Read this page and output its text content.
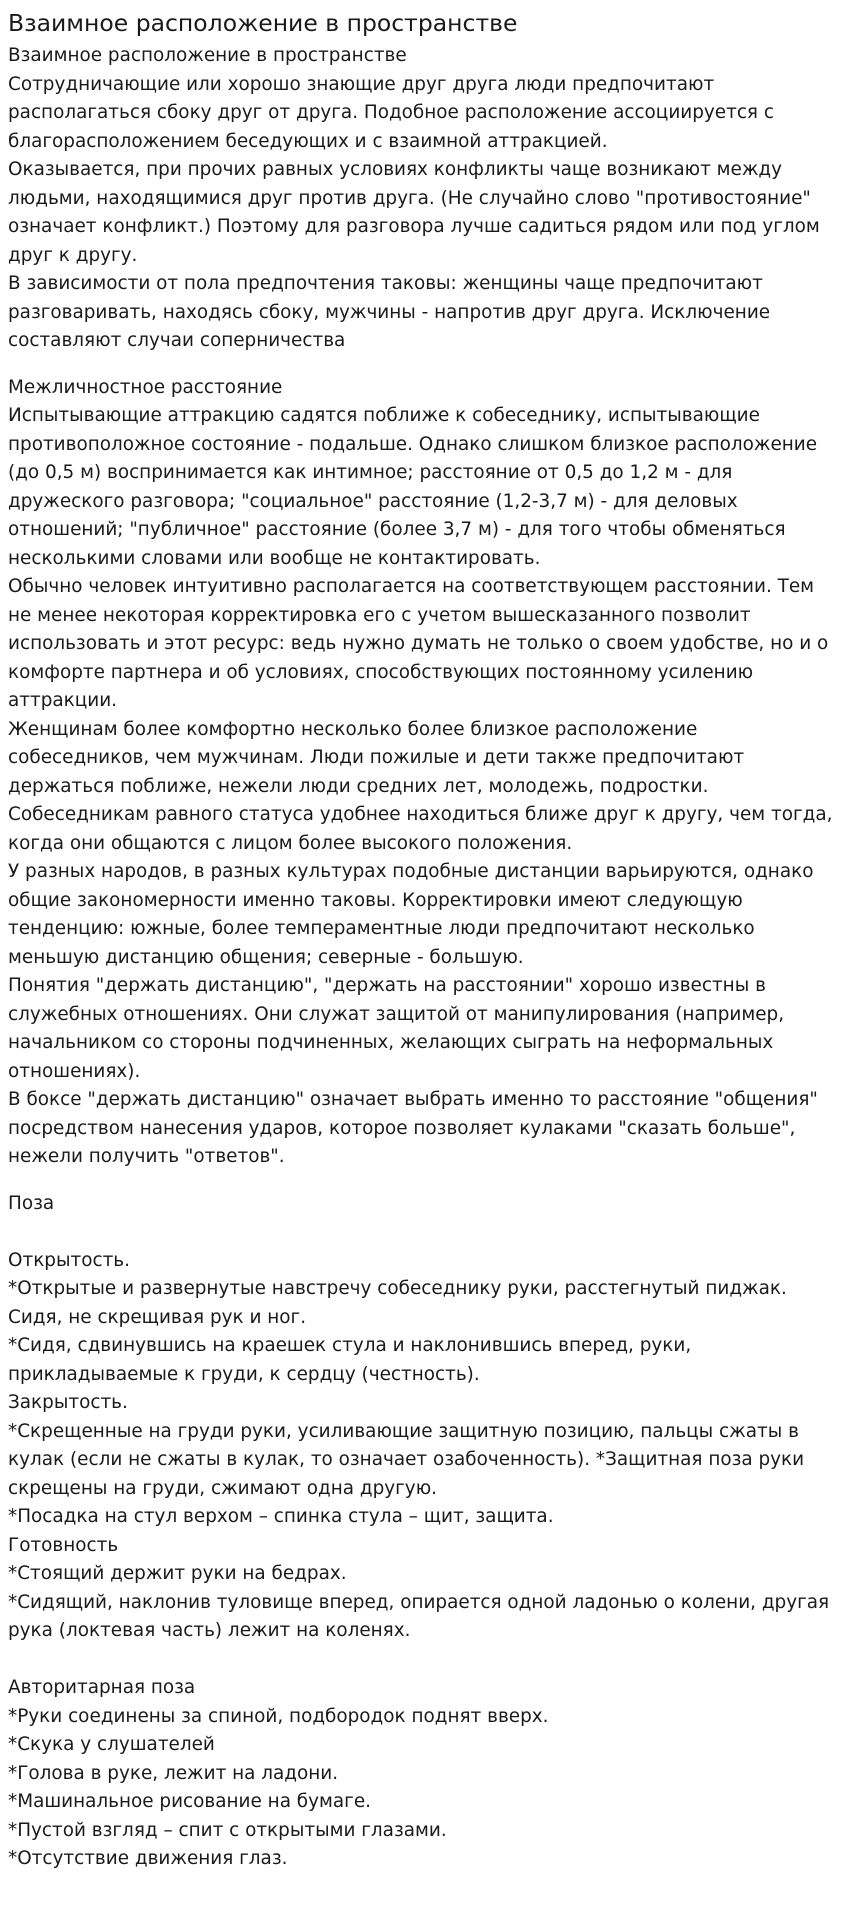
Взаимное расположение в пространстве

Взаимное расположение в пространстве

Сотрудничающие или хорошо знающие друг друга люди предпочитают располагаться сбоку друг от друга. Подобное расположение ассоциируется с благорасположением беседующих и с взаимной аттракцией.

Оказывается, при прочих равных условиях конфликты чаще возникают между людьми, находящимися друг против друга. (Не случайно слово "противостояние" означает конфликт.) Поэтому для разговора лучше садиться рядом или под углом друг к другу.

В зависимости от пола предпочтения таковы: женщины чаще предпочитают разговаривать, находясь сбоку, мужчины - напротив друг друга. Исключение составляют случаи соперничества

Межличностное расстояние

Испытывающие аттракцию садятся поближе к собеседнику, испытывающие противоположное состояние - подальше. Однако слишком близкое расположение (до 0,5 м) воспринимается как интимное; расстояние от 0,5 до 1,2 м - для дружеского разговора; "социальное" расстояние (1,2-3,7 м) - для деловых отношений; "публичное" расстояние (более 3,7 м) - для того чтобы обменяться несколькими словами или вообще не контактировать.

Обычно человек интуитивно располагается на соответствующем расстоянии. Тем не менее некоторая корректировка его с учетом вышесказанного позволит использовать и этот ресурс: ведь нужно думать не только о своем удобстве, но и о комфорте партнера и об условиях, способствующих постоянному усилению аттракции.

Женщинам более комфортно несколько более близкое расположение собеседников, чем мужчинам. Люди пожилые и дети также предпочитают держаться поближе, нежели люди средних лет, молодежь, подростки.

Собеседникам равного статуса удобнее находиться ближе друг к другу, чем тогда, когда они общаются с лицом более высокого положения.

У разных народов, в разных культурах подобные дистанции варьируются, однако общие закономерности именно таковы. Корректировки имеют следующую тенденцию: южные, более темпераментные люди предпочитают несколько меньшую дистанцию общения; северные - большую.

Понятия "держать дистанцию", "держать на расстоянии" хорошо известны в служебных отношениях. Они служат защитой от манипулирования (например, начальником со стороны подчиненных, желающих сыграть на неформальных отношениях).

В боксе "держать дистанцию" означает выбрать именно то расстояние "общения" посредством нанесения ударов, которое позволяет кулаками "сказать больше", нежели получить "ответов".

Поза

Открытость.

*Открытые и развернутые навстречу собеседнику руки, расстегнутый пиджак. Сидя, не скрещивая рук и ног.

*Сидя, сдвинувшись на краешек стула и наклонившись вперед, руки, прикладываемые к груди, к сердцу (честность).

Закрытость.

*Скрещенные на груди руки, усиливающие защитную позицию, пальцы сжаты в кулак (если не сжаты в кулак, то означает озабоченность). *Защитная поза руки скрещены на груди, сжимают одна другую.

*Посадка на стул верхом – спинка стула – щит, защита.

Готовность

*Стоящий держит руки на бедрах.

*Сидящий, наклонив туловище вперед, опирается одной ладонью о колени, другая рука (локтевая часть) лежит на коленях.

Авторитарная поза

*Руки соединены за спиной, подбородок поднят вверх.

*Скука у слушателей

*Голова в руке, лежит на ладони.

*Машинальное рисование на бумаге.

*Пустой взгляд – спит с открытыми глазами.

*Отсутствие движения глаз.
